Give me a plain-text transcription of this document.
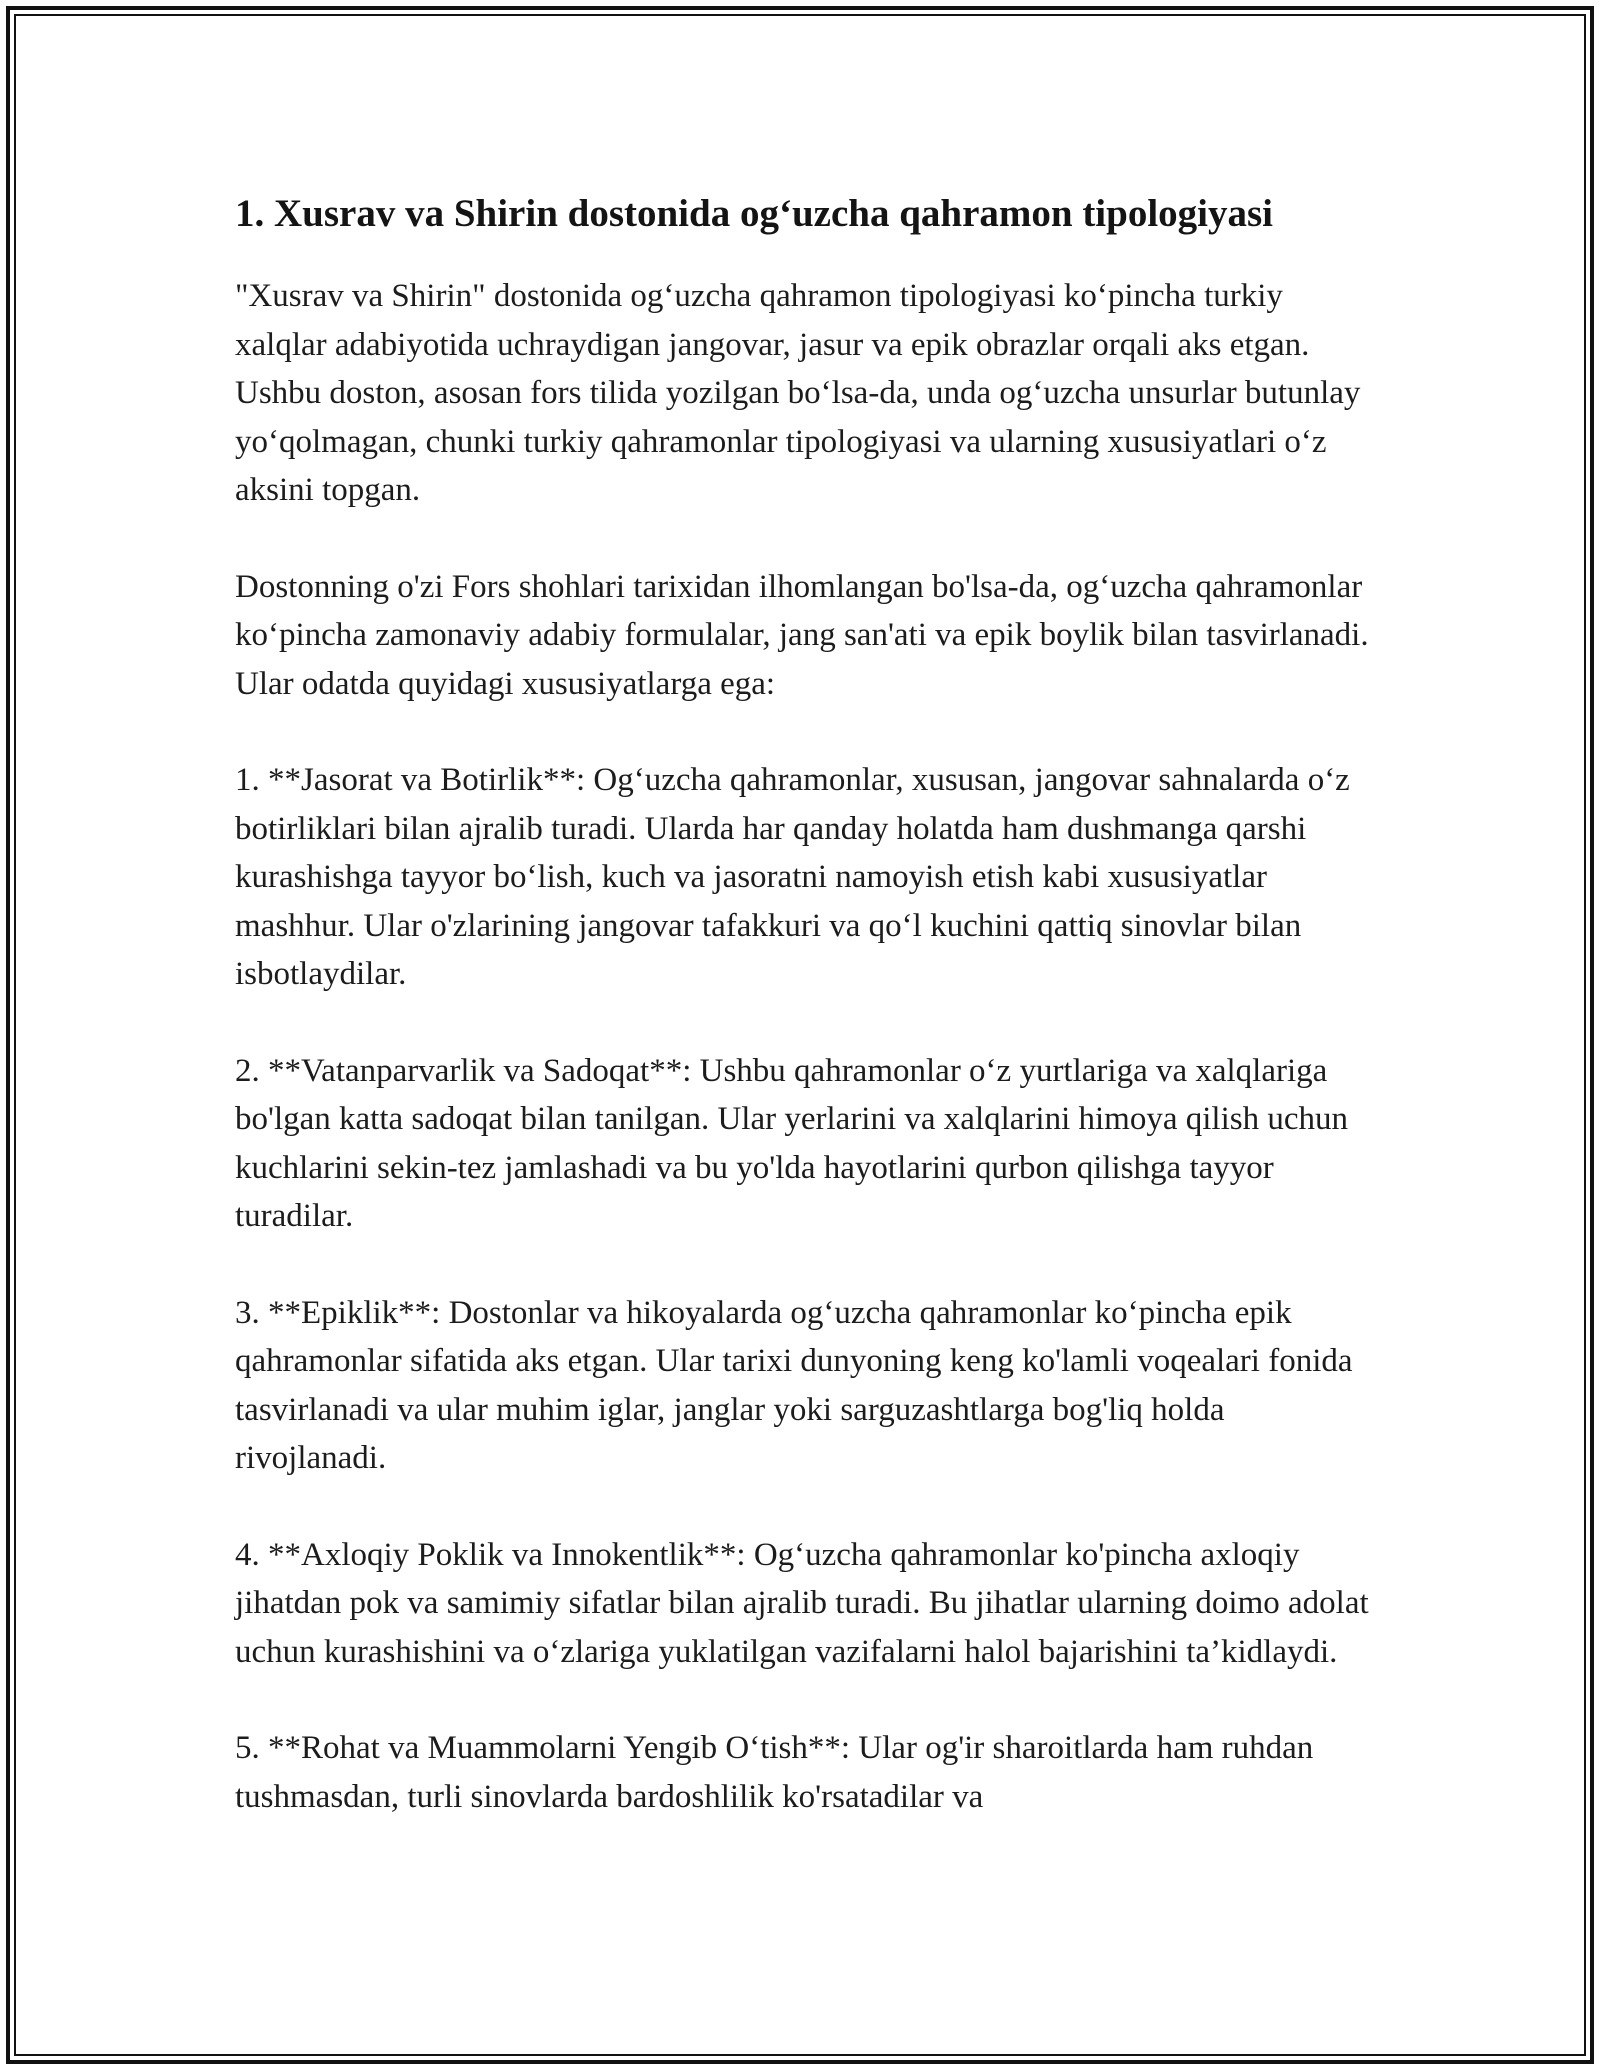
1. Xusrav va Shirin dostonida og‘uzcha qahramon tipologiyasi

"Xusrav va Shirin" dostonida og‘uzcha qahramon tipologiyasi ko‘pincha turkiy xalqlar adabiyotida uchraydigan jangovar, jasur va epik obrazlar orqali aks etgan. Ushbu doston, asosan fors tilida yozilgan bo‘lsa-da, unda og‘uzcha unsurlar butunlay yo‘qolmagan, chunki turkiy qahramonlar tipologiyasi va ularning xususiyatlari o‘z aksini topgan.

Dostonning o'zi Fors shohlari tarixidan ilhomlangan bo'lsa-da, og‘uzcha qahramonlar ko‘pincha zamonaviy adabiy formulalar, jang san'ati va epik boylik bilan tasvirlanadi. Ular odatda quyidagi xususiyatlarga ega:

1. **Jasorat va Botirlik**: Og‘uzcha qahramonlar, xususan, jangovar sahnalarda o‘z botirliklari bilan ajralib turadi. Ularda har qanday holatda ham dushmanga qarshi kurashishga tayyor bo‘lish, kuch va jasoratni namoyish etish kabi xususiyatlar mashhur. Ular o'zlarining jangovar tafakkuri va qo‘l kuchini qattiq sinovlar bilan isbotlaydilar.

2. **Vatanparvarlik va Sadoqat**: Ushbu qahramonlar o‘z yurtlariga va xalqlariga bo'lgan katta sadoqat bilan tanilgan. Ular yerlarini va xalqlarini himoya qilish uchun kuchlarini sekin-tez jamlashadi va bu yo'lda hayotlarini qurbon qilishga tayyor turadilar.

3. **Epiklik**: Dostonlar va hikoyalarda og‘uzcha qahramonlar ko‘pincha epik qahramonlar sifatida aks etgan. Ular tarixi dunyoning keng ko'lamli voqealari fonida tasvirlanadi va ular muhim iglar, janglar yoki sarguzashtlarga bog'liq holda rivojlanadi.

4. **Axloqiy Poklik va Innokentlik**: Og‘uzcha qahramonlar ko'pincha axloqiy jihatdan pok va samimiy sifatlar bilan ajralib turadi. Bu jihatlar ularning doimo adolat uchun kurashishini va o‘zlariga yuklatilgan vazifalarni halol bajarishini ta’kidlaydi.

5. **Rohat va Muammolarni Yengib O‘tish**: Ular og'ir sharoitlarda ham ruhdan tushmasdan, turli sinovlarda bardoshlilik ko'rsatadilar va
